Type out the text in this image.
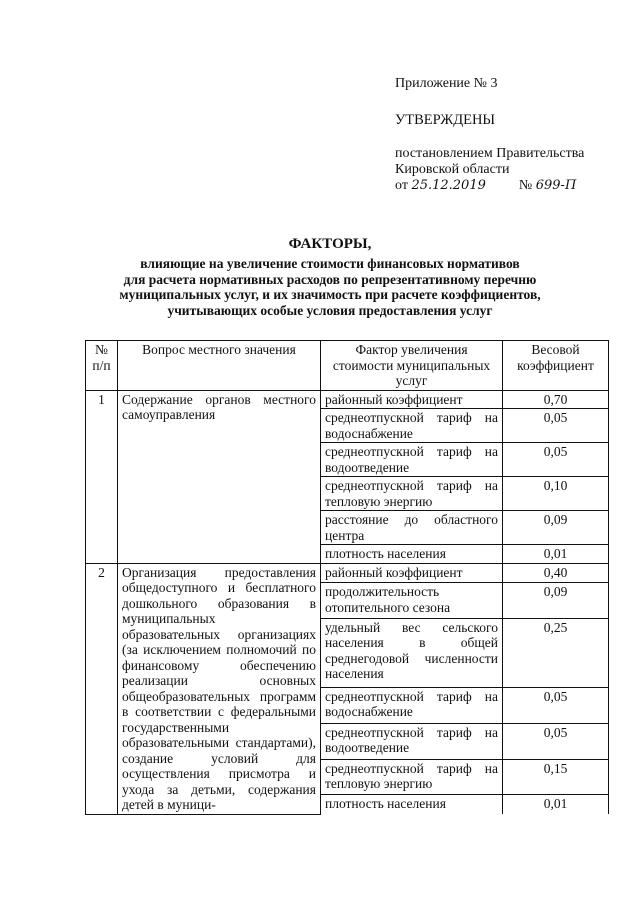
Приложение № 3
УТВЕРЖДЕНЫ
постановлением Правительства
Кировской области
от 25.12.2019 № 699-П
ФАКТОРЫ,
влияющие на увеличение стоимости финансовых нормативов
для расчета нормативных расходов по репрезентативному перечню
муниципальных услуг, и их значимость при расчете коэффициентов,
учитывающих особые условия предоставления услуг
№ п/п	Вопрос местного значения	Фактор увеличения стоимости муниципальных услуг	Весовой коэффициент
1	Содержание органов местного самоуправления	районный коэффициент	0,70
		среднеотпускной тариф на водоснабжение	0,05
		среднеотпускной тариф на водоотведение	0,05
		среднеотпускной тариф на тепловую энергию	0,10
		расстояние до областного центра	0,09
		плотность населения	0,01
2	Организация предоставления общедоступного и бесплатного дошкольного образования в муниципальных образовательных организациях (за исключением полномочий по финансовому обеспечению реализации основных общеобразовательных программ в соответствии с федеральными государственными образовательными стандартами), создание условий для осуществления присмотра и ухода за детьми, содержания детей в муници-	районный коэффициент	0,40
		продолжительность отопительного сезона	0,09
		удельный вес сельского населения в общей среднегодовой численности населения	0,25
		среднеотпускной тариф на водоснабжение	0,05
		среднеотпускной тариф на водоотведение	0,05
		среднеотпускной тариф на тепловую энергию	0,15
		плотность населения	0,01
